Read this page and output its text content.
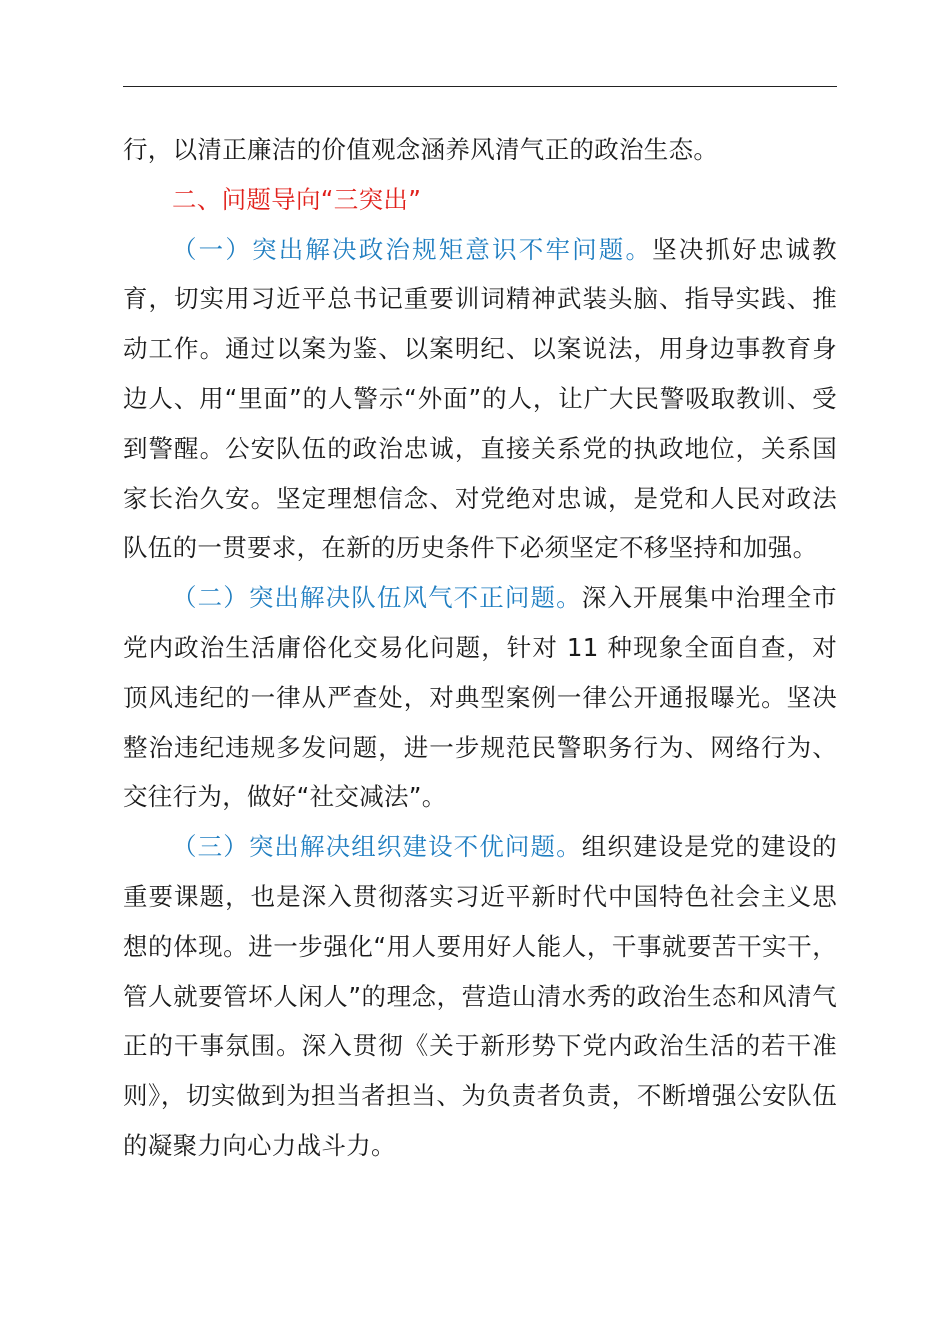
行，以清正廉洁的价值观念涵养风清气正的政治生态。

二、问题导向“三突出”

（一）突出解决政治规矩意识不牢问题。坚决抓好忠诚教育，切实用习近平总书记重要训词精神武装头脑、指导实践、推动工作。通过以案为鉴、以案明纪、以案说法，用身边事教育身边人、用“里面”的人警示“外面”的人，让广大民警吸取教训、受到警醒。公安队伍的政治忠诚，直接关系党的执政地位，关系国家长治久安。坚定理想信念、对党绝对忠诚，是党和人民对政法队伍的一贯要求，在新的历史条件下必须坚定不移坚持和加强。

（二）突出解决队伍风气不正问题。深入开展集中治理全市党内政治生活庸俗化交易化问题，针对 11 种现象全面自查，对顶风违纪的一律从严查处，对典型案例一律公开通报曝光。坚决整治违纪违规多发问题，进一步规范民警职务行为、网络行为、交往行为，做好“社交减法”。

（三）突出解决组织建设不优问题。组织建设是党的建设的重要课题，也是深入贯彻落实习近平新时代中国特色社会主义思想的体现。进一步强化“用人要用好人能人，干事就要苦干实干，管人就要管坏人闲人”的理念，营造山清水秀的政治生态和风清气正的干事氛围。深入贯彻《关于新形势下党内政治生活的若干准则》，切实做到为担当者担当、为负责者负责，不断增强公安队伍的凝聚力向心力战斗力。
